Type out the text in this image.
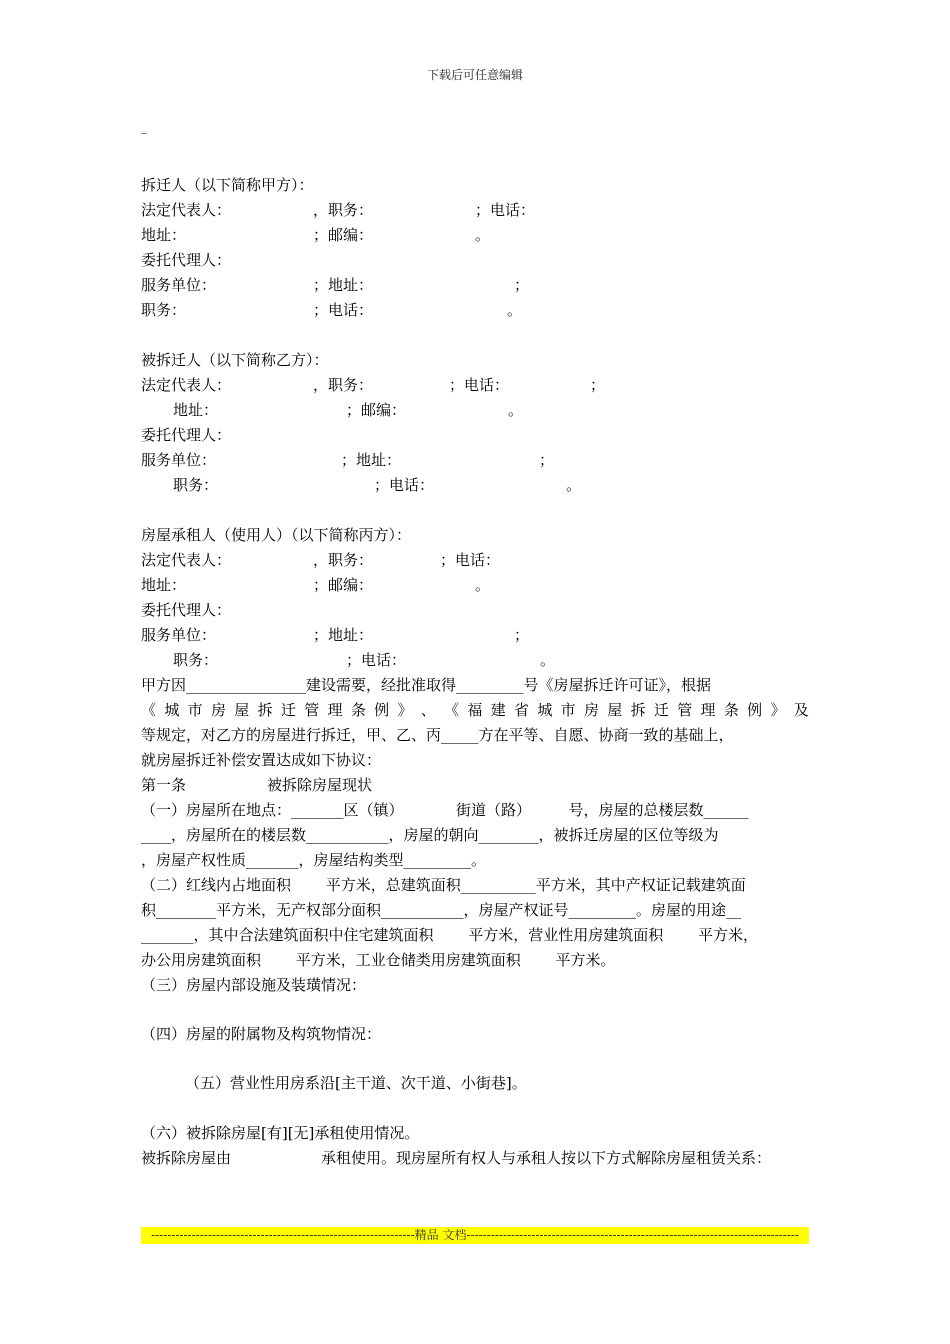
下载后可任意编辑
_
拆迁人（以下简称甲方）：
法定代表人：	，职务：	；电话：
地址：	；邮编：	。
委托代理人：
服务单位：	；地址：	；
职务：	；电话：	。
被拆迁人（以下简称乙方）：
法定代表人：	，职务：	；电话：	；
地址：	；邮编：	。
委托代理人：
服务单位：	；地址：	；
职务：	；电话：	。
房屋承租人（使用人）（以下简称丙方）：
法定代表人：	，职务：	；电话：
地址：	；邮编：	。
委托代理人：
服务单位：	；地址：	；
职务：	；电话：	。
甲方因________________建设需要，经批准取得_________号《房屋拆迁许可证》，根据
《 城 市 房 屋 拆 迁 管 理 条 例 》 、 《 福 建 省 城 市 房 屋 拆 迁 管 理 条 例 》 及
等规定，对乙方的房屋进行拆迁，甲、乙、丙_____方在平等、自愿、协商一致的基础上，
就房屋拆迁补偿安置达成如下协议：
第一条	被拆除房屋现状
（一）房屋所在地点：_______区（镇）　　　　街道（路）　　　号，房屋的总楼层数______
____，房屋所在的楼层数___________，房屋的朝向________，被拆迁房屋的区位等级为
，房屋产权性质_______，房屋结构类型_________。
（二）红线内占地面积　　 平方米，总建筑面积__________平方米，其中产权证记载建筑面
积________平方米，无产权部分面积___________，房屋产权证号_________。房屋的用途__
_______，其中合法建筑面积中住宅建筑面积　　 平方米，营业性用房建筑面积　　 平方米，
办公用房建筑面积　　 平方米，工业仓储类用房建筑面积　　 平方米。
（三）房屋内部设施及装璜情况：
（四）房屋的附属物及构筑物情况：
（五）营业性用房系沿[主干道、次干道、小街巷]。
（六）被拆除房屋[有][无]承租使用情况。
被拆除房屋由　　　　　　承租使用。现房屋所有权人与承租人按以下方式解除房屋租赁关系：
-----------------------------------------------------------------精品 文档----------------------------------------------------------------------------------
